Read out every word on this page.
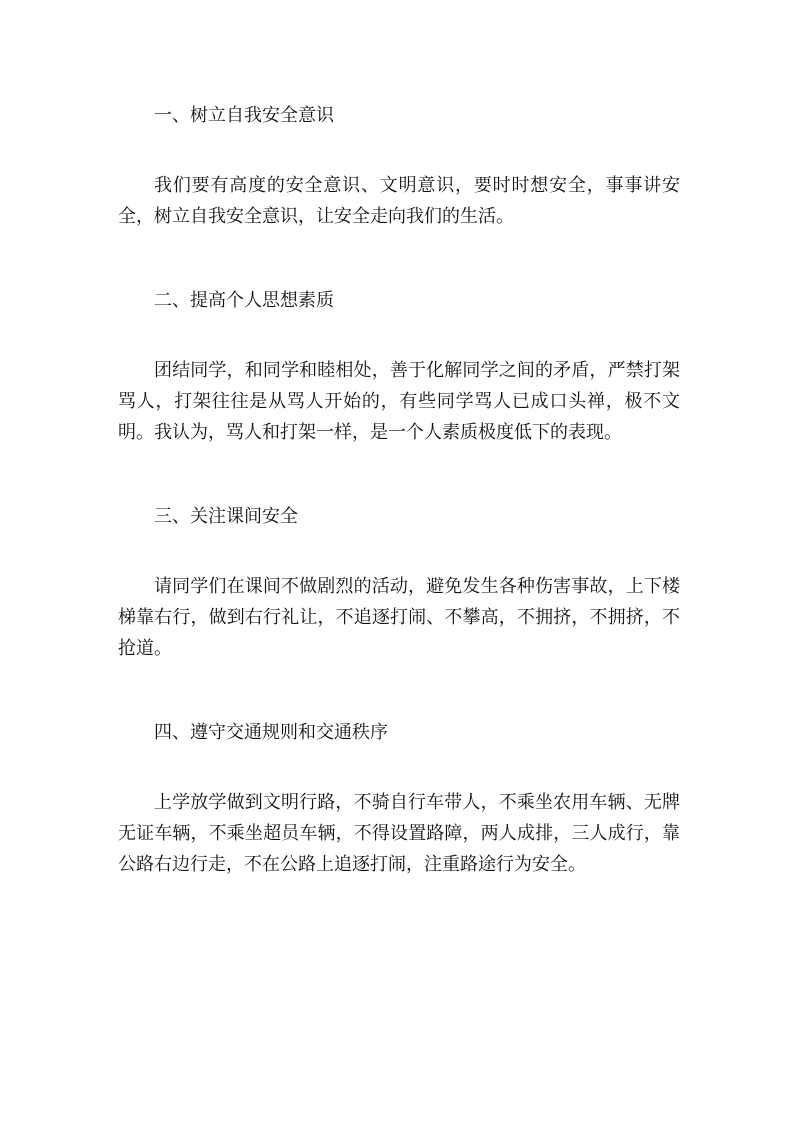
一、树立自我安全意识

我们要有高度的安全意识、文明意识，要时时想安全，事事讲安全，树立自我安全意识，让安全走向我们的生活。

二、提高个人思想素质

团结同学，和同学和睦相处，善于化解同学之间的矛盾，严禁打架骂人，打架往往是从骂人开始的，有些同学骂人已成口头禅，极不文明。我认为，骂人和打架一样，是一个人素质极度低下的表现。

三、关注课间安全

请同学们在课间不做剧烈的活动，避免发生各种伤害事故，上下楼梯靠右行，做到右行礼让，不追逐打闹、不攀高，不拥挤，不拥挤，不抢道。

四、遵守交通规则和交通秩序

上学放学做到文明行路，不骑自行车带人，不乘坐农用车辆、无牌无证车辆，不乘坐超员车辆，不得设置路障，两人成排，三人成行，靠公路右边行走，不在公路上追逐打闹，注重路途行为安全。
